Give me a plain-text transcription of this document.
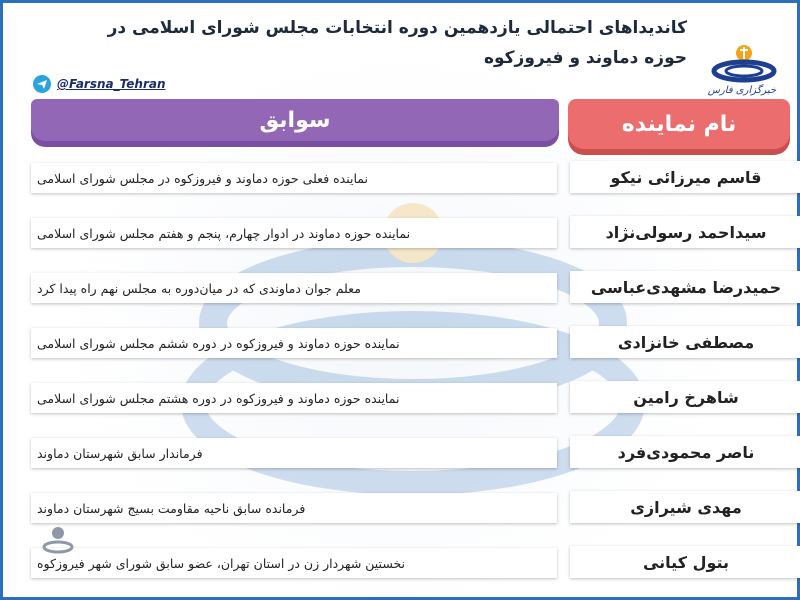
کاندیداهای احتمالی یازدهمین دوره انتخابات مجلس شورای اسلامی در حوزه دماوند و فیروزکوه
خبرگزاری فارس
@Farsna_Tehran
نام نماینده
سوابق
نماینده فعلی حوزه دماوند و فیروزکوه در مجلس شورای اسلامی	قاسم میرزائی نیکو
نماینده حوزه دماوند در ادوار چهارم، پنجم و هفتم مجلس شورای اسلامی	سیداحمد رسولی‌نژاد
معلم جوان دماوندی که در میان‌دوره به مجلس نهم راه پیدا کرد	حمیدرضا مشهدی‌عباسی
نماینده حوزه دماوند و فیروزکوه در دوره ششم مجلس شورای اسلامی	مصطفی خانزادی
نماینده حوزه دماوند و فیروزکوه در دوره هشتم مجلس شورای اسلامی	شاهرخ رامین
فرماندار سابق شهرستان دماوند	ناصر محمودی‌فرد
فرمانده سابق ناحیه مقاومت بسیج شهرستان دماوند	مهدی شیرازی
نخستین شهردار زن در استان تهران، عضو سابق شورای شهر فیروزکوه	بتول کیانی
